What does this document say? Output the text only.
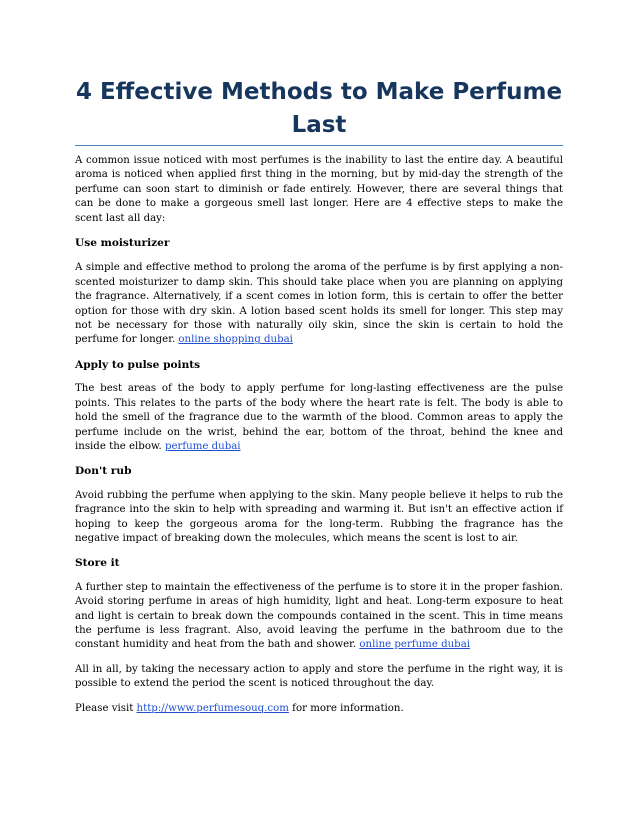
4 Effective Methods to Make Perfume Last

A common issue noticed with most perfumes is the inability to last the entire day. A beautiful aroma is noticed when applied first thing in the morning, but by mid-day the strength of the perfume can soon start to diminish or fade entirely. However, there are several things that can be done to make a gorgeous smell last longer. Here are 4 effective steps to make the scent last all day:

Use moisturizer

A simple and effective method to prolong the aroma of the perfume is by first applying a non-scented moisturizer to damp skin. This should take place when you are planning on applying the fragrance. Alternatively, if a scent comes in lotion form, this is certain to offer the better option for those with dry skin. A lotion based scent holds its smell for longer. This step may not be necessary for those with naturally oily skin, since the skin is certain to hold the perfume for longer. online shopping dubai

Apply to pulse points

The best areas of the body to apply perfume for long-lasting effectiveness are the pulse points. This relates to the parts of the body where the heart rate is felt. The body is able to hold the smell of the fragrance due to the warmth of the blood. Common areas to apply the perfume include on the wrist, behind the ear, bottom of the throat, behind the knee and inside the elbow. perfume dubai

Don't rub

Avoid rubbing the perfume when applying to the skin. Many people believe it helps to rub the fragrance into the skin to help with spreading and warming it. But isn't an effective action if hoping to keep the gorgeous aroma for the long-term. Rubbing the fragrance has the negative impact of breaking down the molecules, which means the scent is lost to air.

Store it

A further step to maintain the effectiveness of the perfume is to store it in the proper fashion. Avoid storing perfume in areas of high humidity, light and heat. Long-term exposure to heat and light is certain to break down the compounds contained in the scent. This in time means the perfume is less fragrant. Also, avoid leaving the perfume in the bathroom due to the constant humidity and heat from the bath and shower. online perfume dubai

All in all, by taking the necessary action to apply and store the perfume in the right way, it is possible to extend the period the scent is noticed throughout the day.

Please visit http://www.perfumesouq.com for more information.
